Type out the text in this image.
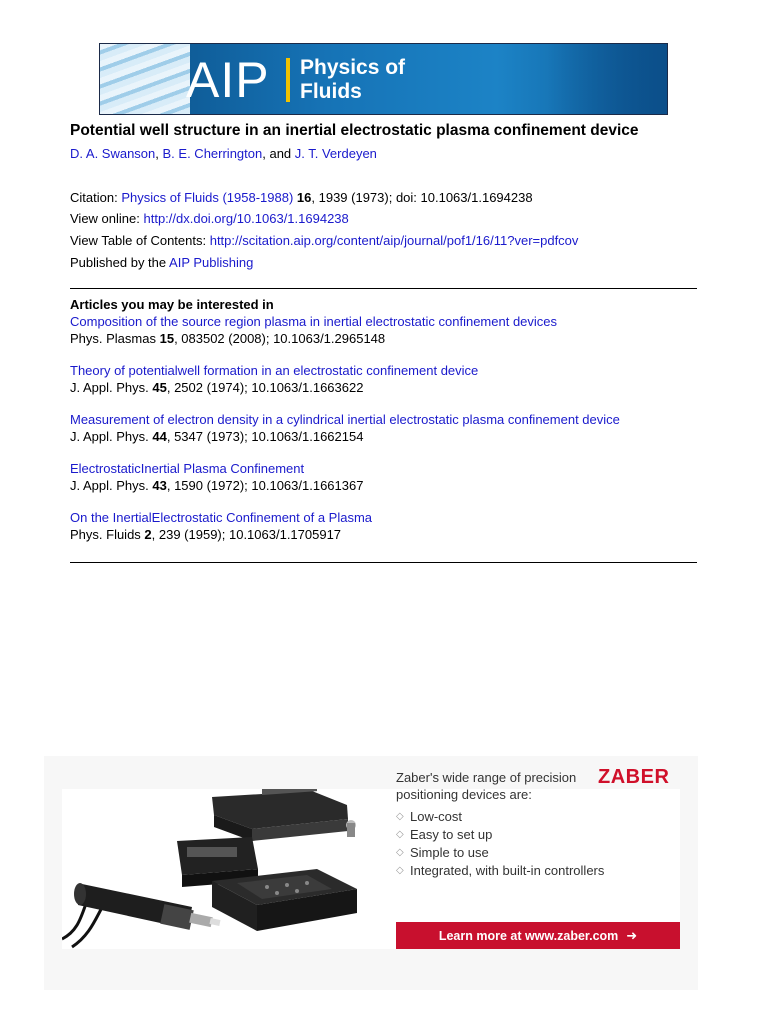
AIP Physics of
Fluids
Potential well structure in an inertial electrostatic plasma confinement device
D. A. Swanson, B. E. Cherrington, and J. T. Verdeyen
Citation: Physics of Fluids (1958-1988) 16, 1939 (1973); doi: 10.1063/1.1694238
View online: http://dx.doi.org/10.1063/1.1694238
View Table of Contents: http://scitation.aip.org/content/aip/journal/pof1/16/11?ver=pdfcov
Published by the AIP Publishing
Articles you may be interested in
Composition of the source region plasma in inertial electrostatic confinement devices
Phys. Plasmas 15, 083502 (2008); 10.1063/1.2965148
Theory of potentialwell formation in an electrostatic confinement device
J. Appl. Phys. 45, 2502 (1974); 10.1063/1.1663622
Measurement of electron density in a cylindrical inertial electrostatic plasma confinement device
J. Appl. Phys. 44, 5347 (1973); 10.1063/1.1662154
ElectrostaticInertial Plasma Confinement
J. Appl. Phys. 43, 1590 (1972); 10.1063/1.1661367
On the InertialElectrostatic Confinement of a Plasma
Phys. Fluids 2, 239 (1959); 10.1063/1.1705917
ZABER
Zaber's wide range of precision positioning devices are:
◇ Low-cost
◇ Easy to set up
◇ Simple to use
◇ Integrated, with built-in controllers
Learn more at www.zaber.com ➜
